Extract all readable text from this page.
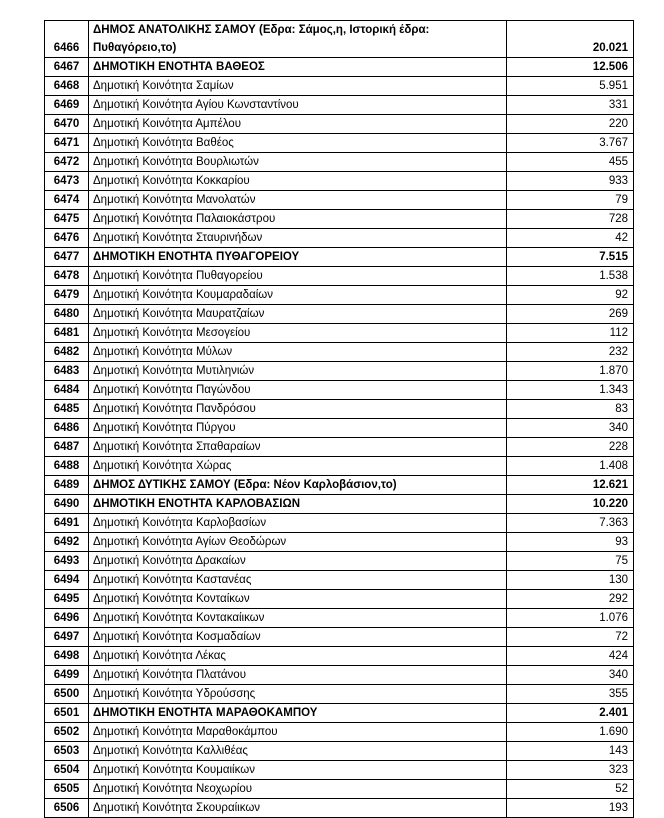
6466	ΔΗΜΟΣ ΑΝΑΤΟΛΙΚΗΣ ΣΑΜΟΥ (Εδρα: Σάμος,η, Ιστορική έδρα: Πυθαγόρειο,το)	20.021
6467	ΔΗΜΟΤΙΚΗ ΕΝΟΤΗΤΑ ΒΑΘΕΟΣ	12.506
6468	Δημοτική Κοινότητα Σαμίων	5.951
6469	Δημοτική Κοινότητα Αγίου Κωνσταντίνου	331
6470	Δημοτική Κοινότητα Αμπέλου	220
6471	Δημοτική Κοινότητα Βαθέος	3.767
6472	Δημοτική Κοινότητα Βουρλιωτών	455
6473	Δημοτική Κοινότητα Κοκκαρίου	933
6474	Δημοτική Κοινότητα Μανολατών	79
6475	Δημοτική Κοινότητα Παλαιοκάστρου	728
6476	Δημοτική Κοινότητα Σταυρινήδων	42
6477	ΔΗΜΟΤΙΚΗ ΕΝΟΤΗΤΑ ΠΥΘΑΓΟΡΕΙΟΥ	7.515
6478	Δημοτική Κοινότητα Πυθαγορείου	1.538
6479	Δημοτική Κοινότητα Κουμαραδαίων	92
6480	Δημοτική Κοινότητα Μαυρατζαίων	269
6481	Δημοτική Κοινότητα Μεσογείου	112
6482	Δημοτική Κοινότητα Μύλων	232
6483	Δημοτική Κοινότητα Μυτιληνιών	1.870
6484	Δημοτική Κοινότητα Παγώνδου	1.343
6485	Δημοτική Κοινότητα Πανδρόσου	83
6486	Δημοτική Κοινότητα Πύργου	340
6487	Δημοτική Κοινότητα Σπαθαραίων	228
6488	Δημοτική Κοινότητα Χώρας	1.408
6489	ΔΗΜΟΣ ΔΥΤΙΚΗΣ ΣΑΜΟΥ (Εδρα: Νέον Καρλοβάσιον,το)	12.621
6490	ΔΗΜΟΤΙΚΗ ΕΝΟΤΗΤΑ ΚΑΡΛΟΒΑΣΙΩΝ	10.220
6491	Δημοτική Κοινότητα Καρλοβασίων	7.363
6492	Δημοτική Κοινότητα Αγίων Θεοδώρων	93
6493	Δημοτική Κοινότητα Δρακαίων	75
6494	Δημοτική Κοινότητα Καστανέας	130
6495	Δημοτική Κοινότητα Κονταίκων	292
6496	Δημοτική Κοινότητα Κοντακαίικων	1.076
6497	Δημοτική Κοινότητα Κοσμαδαίων	72
6498	Δημοτική Κοινότητα Λέκας	424
6499	Δημοτική Κοινότητα Πλατάνου	340
6500	Δημοτική Κοινότητα Υδρούσσης	355
6501	ΔΗΜΟΤΙΚΗ ΕΝΟΤΗΤΑ ΜΑΡΑΘΟΚΑΜΠΟΥ	2.401
6502	Δημοτική Κοινότητα Μαραθοκάμπου	1.690
6503	Δημοτική Κοινότητα Καλλιθέας	143
6504	Δημοτική Κοινότητα Κουμαιίκων	323
6505	Δημοτική Κοινότητα Νεοχωρίου	52
6506	Δημοτική Κοινότητα Σκουραίικων	193
